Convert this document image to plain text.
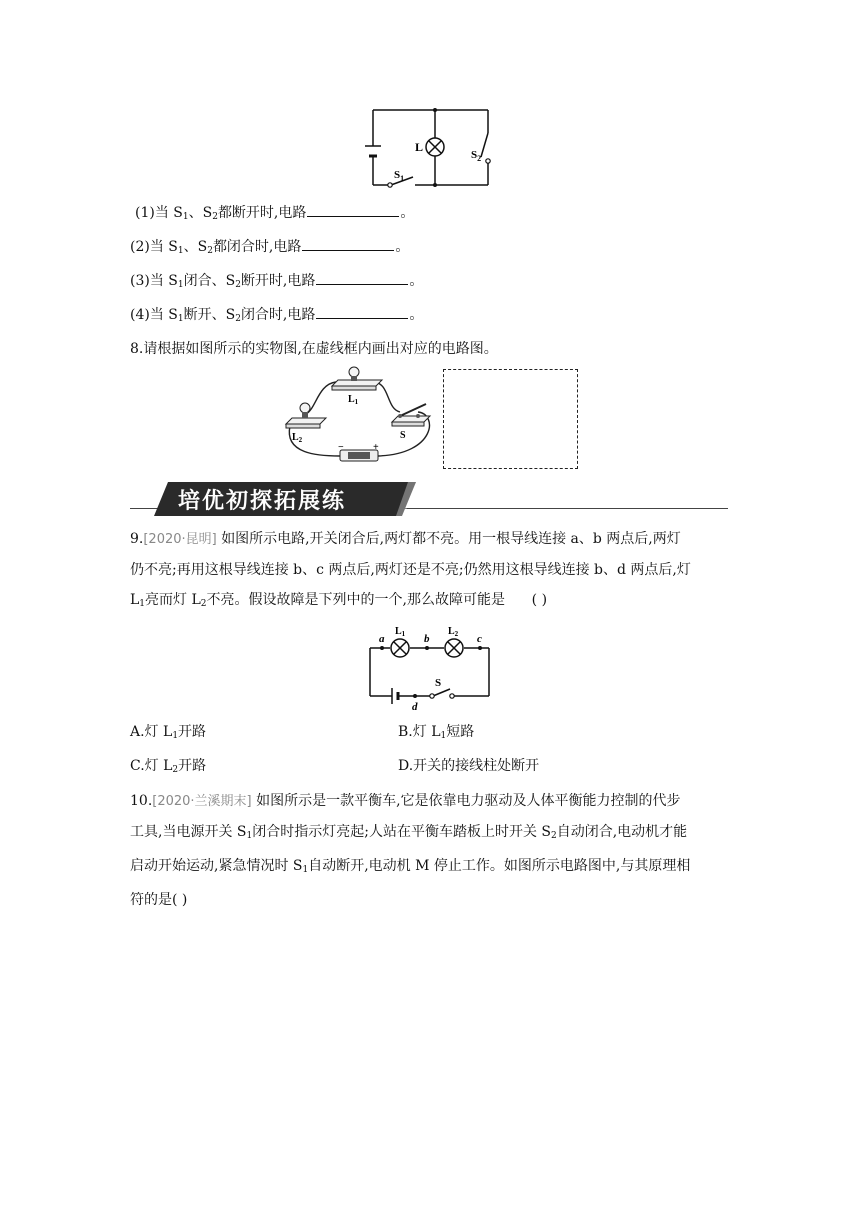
L
$S_1$
$S_2$
(1)当 $S_1$、$S_2$都断开时,电路	。
(2)当 $S_1$、$S_2$都闭合时,电路	。
(3)当 $S_1$闭合、$S_2$断开时,电路	。
(4)当 $S_1$断开、$S_2$闭合时,电路	。
8.请根据如图所示的实物图,在虚线框内画出对应的电路图。
$L_1$
$L_2$	S
−	+
培优初探拓展练
9.[2020·昆明] 如图所示电路,开关闭合后,两灯都不亮。用一根导线连接 a、b 两点后,两灯
仍不亮;再用这根导线连接 b、c 两点后,两灯还是不亮;仍然用这根导线连接 b、d 两点后,灯
$L_1$亮而灯 $L_2$不亮。假设故障是下列中的一个,那么故障可能是 ( )
a	b	c
d
$L_1$	$L_2$
S
A.灯 $L_1$开路	B.灯 $L_1$短路
C.灯 $L_2$开路	D.开关的接线柱处断开
10.[2020·兰溪期末] 如图所示是一款平衡车,它是依靠电力驱动及人体平衡能力控制的代步
工具,当电源开关 $S_1$闭合时指示灯亮起;人站在平衡车踏板上时开关 $S_2$自动闭合,电动机才能
启动开始运动,紧急情况时 $S_1$自动断开,电动机 M 停止工作。如图所示电路图中,与其原理相
符的是( )
